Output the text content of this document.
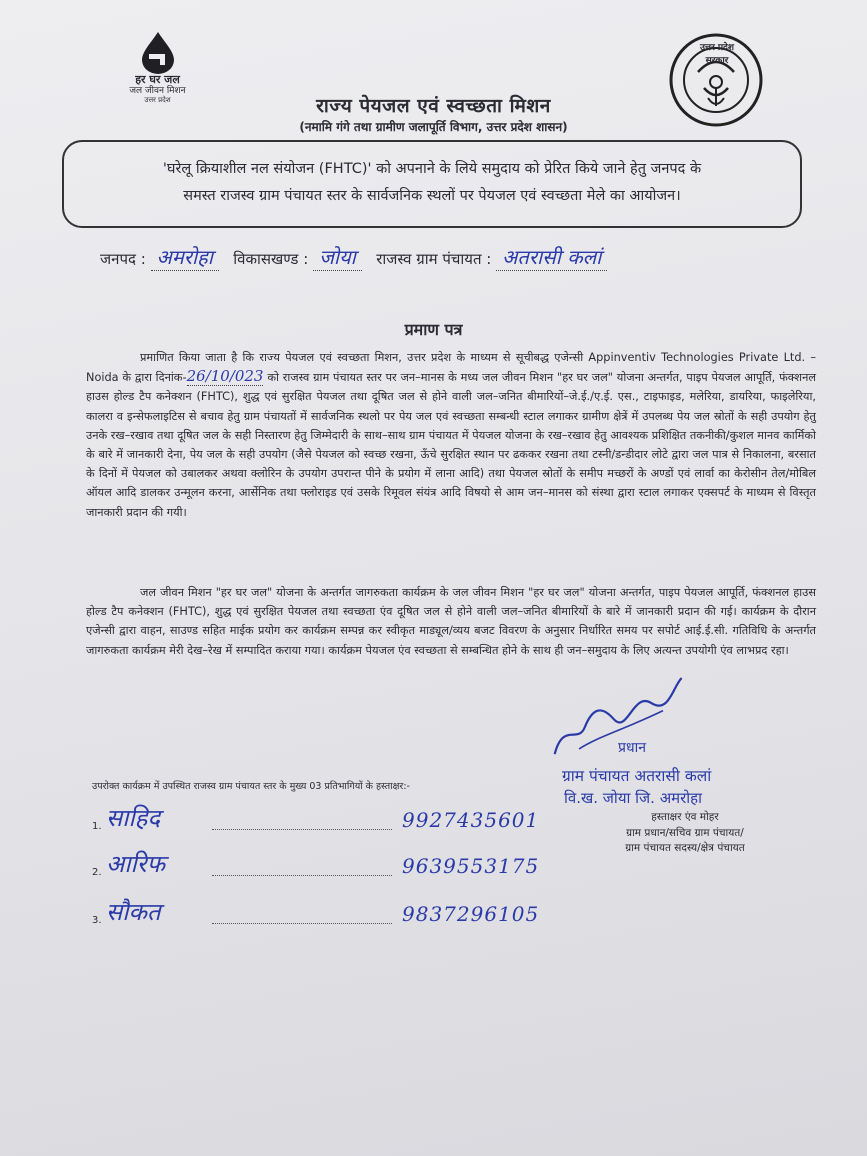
हर घर जल
जल जीवन मिशन
उत्तर प्रदेश
उत्तर प्रदेश सरकार
राज्य पेयजल एवं स्वच्छता मिशन
(नमामि गंगे तथा ग्रामीण जलापूर्ति विभाग, उत्तर प्रदेश शासन)
'घरेलू क्रियाशील नल संयोजन (FHTC)' को अपनाने के लिये समुदाय को प्रेरित किये जाने हेतु जनपद के
समस्त राजस्व ग्राम पंचायत स्तर के सार्वजनिक स्थलों पर पेयजल एवं स्वच्छता मेले का आयोजन।
जनपद : अमरोहा विकासखण्ड : जोया राजस्व ग्राम पंचायत : अतरासी कलां
प्रमाण पत्र
प्रमाणित किया जाता है कि राज्य पेयजल एवं स्वच्छता मिशन, उत्तर प्रदेश के माध्यम से सूचीबद्ध एजेन्सी Appinventiv Technologies Private Ltd. – Noida के द्वारा दिनांक-26/10/023 को राजस्व ग्राम पंचायत स्तर पर जन–मानस के मध्य जल जीवन मिशन "हर घर जल" योजना अन्तर्गत, पाइप पेयजल आपूर्ति, फंक्शनल हाउस होल्ड टैप कनेक्शन (FHTC), शुद्ध एवं सुरक्षित पेयजल तथा दूषित जल से होने वाली जल–जनित बीमारियों–जे.ई./ए.ई. एस., टाइफाइड, मलेरिया, डायरिया, फाइलेरिया, कालरा व इन्सेफलाइटिस से बचाव हेतु ग्राम पंचायतों में सार्वजनिक स्थलो पर पेय जल एवं स्वच्छता सम्बन्धी स्टाल लगाकर ग्रामीण क्षेत्रें में उपलब्ध पेय जल स्रोतों के सही उपयोग हेतु उनके रख–रखाव तथा दूषित जल के सही निस्तारण हेतु जिम्मेदारी के साथ–साथ ग्राम पंचायत में पेयजल योजना के रख–रखाव हेतु आवश्यक प्रशिक्षित तकनीकी/कुशल मानव कार्मिको के बारे में जानकारी देना, पेय जल के सही उपयोग (जैसे पेयजल को स्वच्छ रखना, ऊँचे सुरक्षित स्थान पर ढककर रखना तथा टस्नी/डन्डीदार लोटे द्वारा जल पात्र से निकालना, बरसात के दिनों में पेयजल को उबालकर अथवा क्लोरिन के उपयोग उपरान्त पीने के प्रयोग में लाना आदि) तथा पेयजल स्रोतों के समीप मच्छरों के अण्डों एवं लार्वा का केरोसीन तेल/मोबिल ऑयल आदि डालकर उन्मूलन करना, आर्सेनिक तथा फ्लोराइड एवं उसके रिमूवल संयंत्र आदि विषयो से आम जन–मानस को संस्था द्वारा स्टाल लगाकर एक्सपर्ट के माध्यम से विस्तृत जानकारी प्रदान की गयी।
जल जीवन मिशन "हर घर जल" योजना के अन्तर्गत जागरुकता कार्यक्रम के जल जीवन मिशन "हर घर जल" योजना अन्तर्गत, पाइप पेयजल आपूर्ति, फंक्शनल हाउस होल्ड टैप कनेक्शन (FHTC), शुद्ध एवं सुरक्षित पेयजल तथा स्वच्छता एंव दूषित जल से होने वाली जल–जनित बीमारियों के बारे में जानकारी प्रदान की गई। कार्यक्रम के दौरान एजेन्सी द्वारा वाहन, साउण्ड सहित माईक प्रयोग कर कार्यक्रम सम्पन्न कर स्वीकृत माड्यूल/व्यय बजट विवरण के अनुसार निर्धारित समय पर सपोर्ट आई.ई.सी. गतिविधि के अन्तर्गत जागरुकता कार्यक्रम मेरी देख–रेख में सम्पादित कराया गया। कार्यक्रम पेयजल एंव स्वच्छता से सम्बन्धित होने के साथ ही जन–समुदाय के लिए अत्यन्त उपयोगी एंव लाभप्रद रहा।
उपरोक्त कार्यक्रम में उपस्थित राजस्व ग्राम पंचायत स्तर के मुख्य 03 प्रतिभागियों के हस्ताक्षर:-
1. साहिद	9927435601
2. आरिफ	9639553175
3. सौकत	9837296105
प्रधान
ग्राम पंचायत अतरासी कलां
वि.ख. जोया जि. अमरोहा
हस्ताक्षर एंव मोहर
ग्राम प्रधान/सचिव ग्राम पंचायत/
ग्राम पंचायत सदस्य/क्षेत्र पंचायत
